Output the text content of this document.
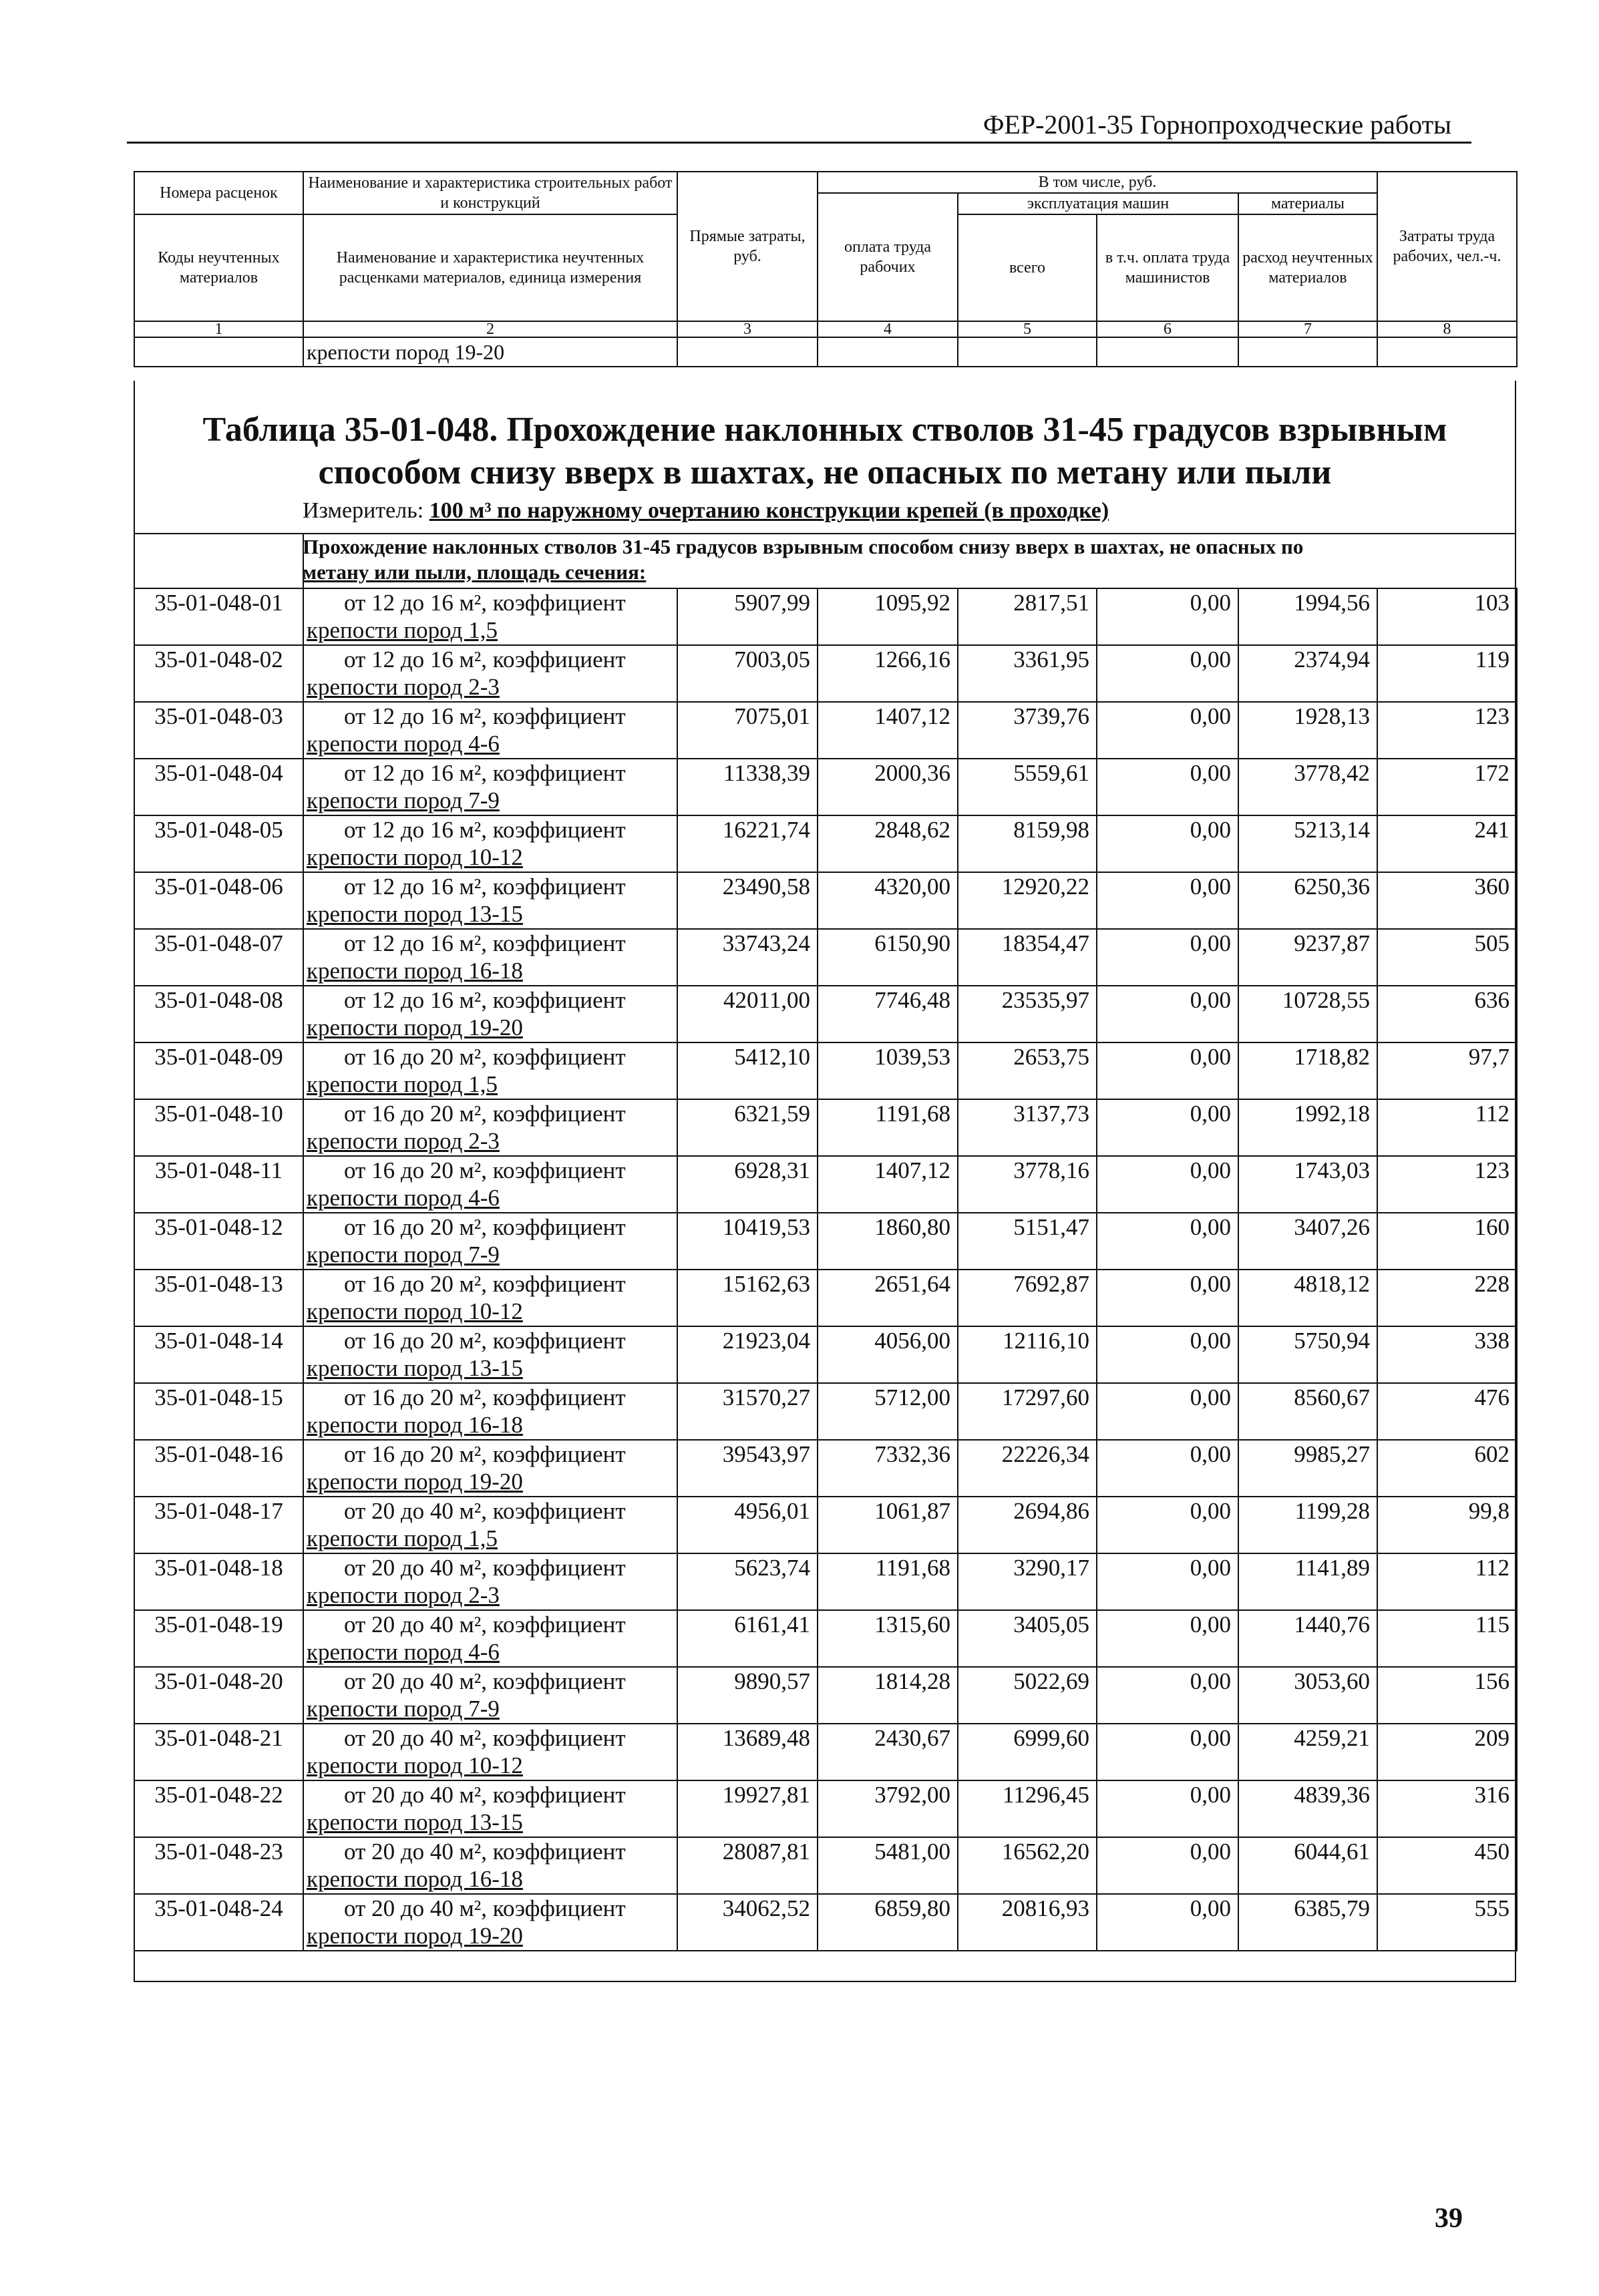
ФЕР-2001-35 Горнопроходческие работы
Номера расценок	Наименование и характеристика строительных работ и конструкций	Прямые затраты, руб.	В том числе, руб.				Затраты труда рабочих, чел.-ч.
			оплата труда рабочих	эксплуатация машин		материалы	
Коды неучтенных материалов	Наименование и характеристика неучтенных расценками материалов, единица измерения			всего	в т.ч. оплата труда машинистов	расход неучтенных материалов	

1	2	3	4	5	6	7	8
	крепости пород 19-20						
Таблица 35-01-048. Прохождение наклонных стволов 31-45 градусов взрывным способом снизу вверх в шахтах, не опасных по метану или пыли
Измеритель: 100 м³ по наружному очертанию конструкции крепей (в проходке)
Прохождение наклонных стволов 31-45 градусов взрывным способом снизу вверх в шахтах, не опасных по
метану или пыли, площадь сечения:
35-01-048-01	от 12 до 16 м², коэффициент
крепости пород 1,5	5907,99	1095,92	2817,51	0,00	1994,56	103
35-01-048-02	от 12 до 16 м², коэффициент
крепости пород 2-3	7003,05	1266,16	3361,95	0,00	2374,94	119
35-01-048-03	от 12 до 16 м², коэффициент
крепости пород 4-6	7075,01	1407,12	3739,76	0,00	1928,13	123
35-01-048-04	от 12 до 16 м², коэффициент
крепости пород 7-9	11338,39	2000,36	5559,61	0,00	3778,42	172
35-01-048-05	от 12 до 16 м², коэффициент
крепости пород 10-12	16221,74	2848,62	8159,98	0,00	5213,14	241
35-01-048-06	от 12 до 16 м², коэффициент
крепости пород 13-15	23490,58	4320,00	12920,22	0,00	6250,36	360
35-01-048-07	от 12 до 16 м², коэффициент
крепости пород 16-18	33743,24	6150,90	18354,47	0,00	9237,87	505
35-01-048-08	от 12 до 16 м², коэффициент
крепости пород 19-20	42011,00	7746,48	23535,97	0,00	10728,55	636
35-01-048-09	от 16 до 20 м², коэффициент
крепости пород 1,5	5412,10	1039,53	2653,75	0,00	1718,82	97,7
35-01-048-10	от 16 до 20 м², коэффициент
крепости пород 2-3	6321,59	1191,68	3137,73	0,00	1992,18	112
35-01-048-11	от 16 до 20 м², коэффициент
крепости пород 4-6	6928,31	1407,12	3778,16	0,00	1743,03	123
35-01-048-12	от 16 до 20 м², коэффициент
крепости пород 7-9	10419,53	1860,80	5151,47	0,00	3407,26	160
35-01-048-13	от 16 до 20 м², коэффициент
крепости пород 10-12	15162,63	2651,64	7692,87	0,00	4818,12	228
35-01-048-14	от 16 до 20 м², коэффициент
крепости пород 13-15	21923,04	4056,00	12116,10	0,00	5750,94	338
35-01-048-15	от 16 до 20 м², коэффициент
крепости пород 16-18	31570,27	5712,00	17297,60	0,00	8560,67	476
35-01-048-16	от 16 до 20 м², коэффициент
крепости пород 19-20	39543,97	7332,36	22226,34	0,00	9985,27	602
35-01-048-17	от 20 до 40 м², коэффициент
крепости пород 1,5	4956,01	1061,87	2694,86	0,00	1199,28	99,8
35-01-048-18	от 20 до 40 м², коэффициент
крепости пород 2-3	5623,74	1191,68	3290,17	0,00	1141,89	112
35-01-048-19	от 20 до 40 м², коэффициент
крепости пород 4-6	6161,41	1315,60	3405,05	0,00	1440,76	115
35-01-048-20	от 20 до 40 м², коэффициент
крепости пород 7-9	9890,57	1814,28	5022,69	0,00	3053,60	156
35-01-048-21	от 20 до 40 м², коэффициент
крепости пород 10-12	13689,48	2430,67	6999,60	0,00	4259,21	209
35-01-048-22	от 20 до 40 м², коэффициент
крепости пород 13-15	19927,81	3792,00	11296,45	0,00	4839,36	316
35-01-048-23	от 20 до 40 м², коэффициент
крепости пород 16-18	28087,81	5481,00	16562,20	0,00	6044,61	450
35-01-048-24	от 20 до 40 м², коэффициент
крепости пород 19-20	34062,52	6859,80	20816,93	0,00	6385,79	555
39
